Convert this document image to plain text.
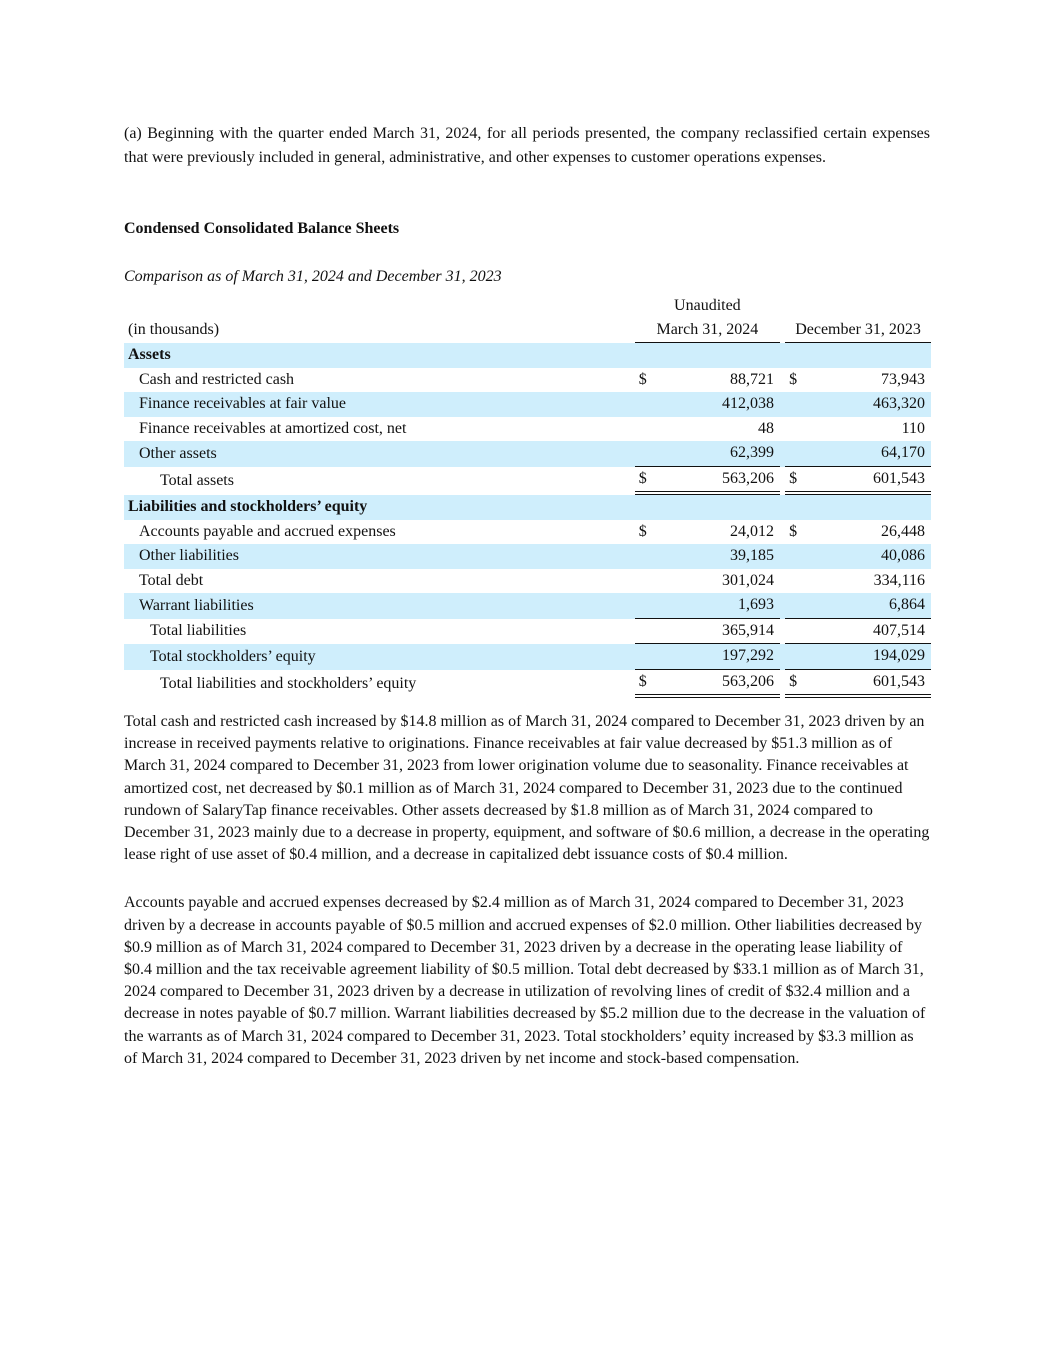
(a) Beginning with the quarter ended March 31, 2024, for all periods presented, the company reclassified certain expenses that were previously included in general, administrative, and other expenses to customer operations expenses.

Condensed Consolidated Balance Sheets

Comparison as of March 31, 2024 and December 31, 2023

(in thousands)	Unaudited
March 31, 2024			December 31, 2023	
Assets					
Cash and restricted cash	$	88,721		$	73,943
Finance receivables at fair value		412,038			463,320
Finance receivables at amortized cost, net		48			110
Other assets		62,399			64,170
Total assets	$	563,206		$	601,543
Liabilities and stockholders’ equity					
Accounts payable and accrued expenses	$	24,012		$	26,448
Other liabilities		39,185			40,086
Total debt		301,024			334,116
Warrant liabilities		1,693			6,864
Total liabilities		365,914			407,514
Total stockholders’ equity		197,292			194,029
Total liabilities and stockholders’ equity	$	563,206		$	601,543

Total cash and restricted cash increased by $14.8 million as of March 31, 2024 compared to December 31, 2023 driven by an increase in received payments relative to originations. Finance receivables at fair value decreased by $51.3 million as of March 31, 2024 compared to December 31, 2023 from lower origination volume due to seasonality. Finance receivables at amortized cost, net decreased by $0.1 million as of March 31, 2024 compared to December 31, 2023 due to the continued rundown of SalaryTap finance receivables. Other assets decreased by $1.8 million as of March 31, 2024 compared to December 31, 2023 mainly due to a decrease in property, equipment, and software of $0.6 million, a decrease in the operating lease right of use asset of $0.4 million, and a decrease in capitalized debt issuance costs of $0.4 million.

Accounts payable and accrued expenses decreased by $2.4 million as of March 31, 2024 compared to December 31, 2023 driven by a decrease in accounts payable of $0.5 million and accrued expenses of $2.0 million. Other liabilities decreased by $0.9 million as of March 31, 2024 compared to December 31, 2023 driven by a decrease in the operating lease liability of $0.4 million and the tax receivable agreement liability of $0.5 million. Total debt decreased by $33.1 million as of March 31, 2024 compared to December 31, 2023 driven by a decrease in utilization of revolving lines of credit of $32.4 million and a decrease in notes payable of $0.7 million. Warrant liabilities decreased by $5.2 million due to the decrease in the valuation of the warrants as of March 31, 2024 compared to December 31, 2023. Total stockholders’ equity increased by $3.3 million as of March 31, 2024 compared to December 31, 2023 driven by net income and stock-based compensation.
